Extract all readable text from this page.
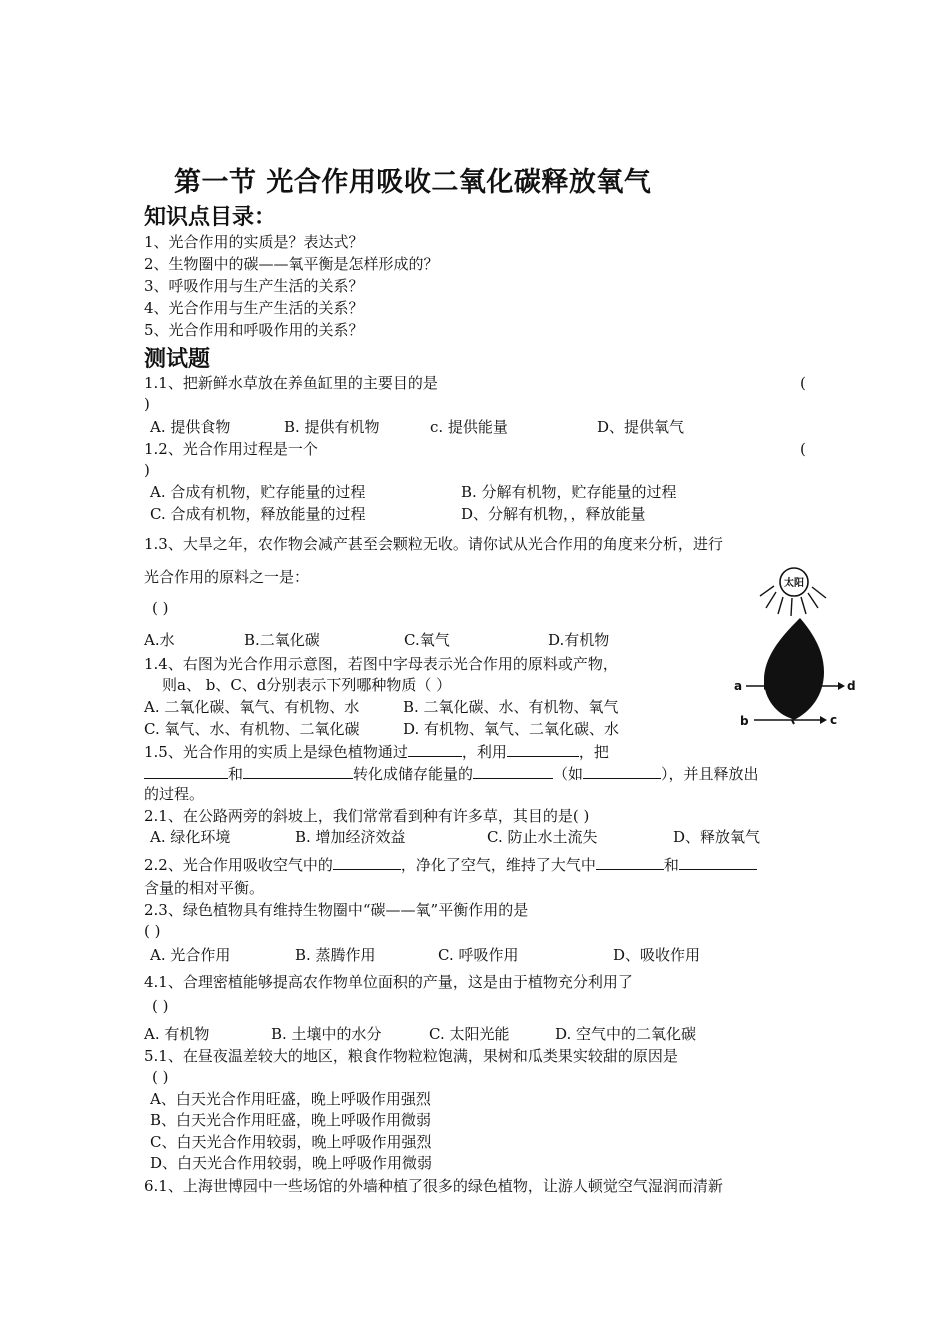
第一节 光合作用吸收二氧化碳释放氧气
知识点目录：
1、光合作用的实质是？表达式？
2、生物圈中的碳——氧平衡是怎样形成的？
3、呼吸作用与生产生活的关系？
4、光合作用与生产生活的关系？
5、光合作用和呼吸作用的关系？
测试题
1.1、把新鲜水草放在养鱼缸里的主要目的是	(
)
A. 提供食物	B. 提供有机物	c. 提供能量	D、提供氧气
1.2、光合作用过程是一个	(
)
A. 合成有机物，贮存能量的过程	B. 分解有机物，贮存能量的过程
C. 合成有机物，释放能量的过程	D、分解有机物，，释放能量
1.3、大旱之年，农作物会减产甚至会颗粒无收。请你试从光合作用的角度来分析，进行
光合作用的原料之一是：
( )
A.水	B.二氧化碳	C.氧气	D.有机物
1.4、右图为光合作用示意图，若图中字母表示光合作用的原料或产物，
则a、 b、C、d分别表示下列哪种物质（ ）
A. 二氧化碳、氧气、有机物、水	B. 二氧化碳、水、有机物、氧气
C. 氧气、水、有机物、二氧化碳	D. 有机物、氧气、二氧化碳、水
太阳
a	d
b	c
1.5、光合作用的实质上是绿色植物通过	，利用	，把
和	转化成储存能量的	（如	），并且释放出
的过程。
2.1、在公路两旁的斜坡上，我们常常看到种有许多草，其目的是( )
A. 绿化环境	B. 增加经济效益	C. 防止水土流失	D、释放氧气
2.2、光合作用吸收空气中的	，净化了空气，维持了大气中	和
含量的相对平衡。
2.3、绿色植物具有维持生物圈中“碳——氧”平衡作用的是
( )
A. 光合作用	B. 蒸腾作用	C. 呼吸作用	D、吸收作用
4.1、合理密植能够提高农作物单位面积的产量，这是由于植物充分利用了
( )
A. 有机物	B. 土壤中的水分	C. 太阳光能	D. 空气中的二氧化碳
5.1、在昼夜温差较大的地区，粮食作物粒粒饱满，果树和瓜类果实较甜的原因是
( )
A、白天光合作用旺盛，晚上呼吸作用强烈
B、白天光合作用旺盛，晚上呼吸作用微弱
C、白天光合作用较弱，晚上呼吸作用强烈
D、白天光合作用较弱，晚上呼吸作用微弱
6.1、上海世博园中一些场馆的外墙种植了很多的绿色植物，让游人顿觉空气湿润而清新
